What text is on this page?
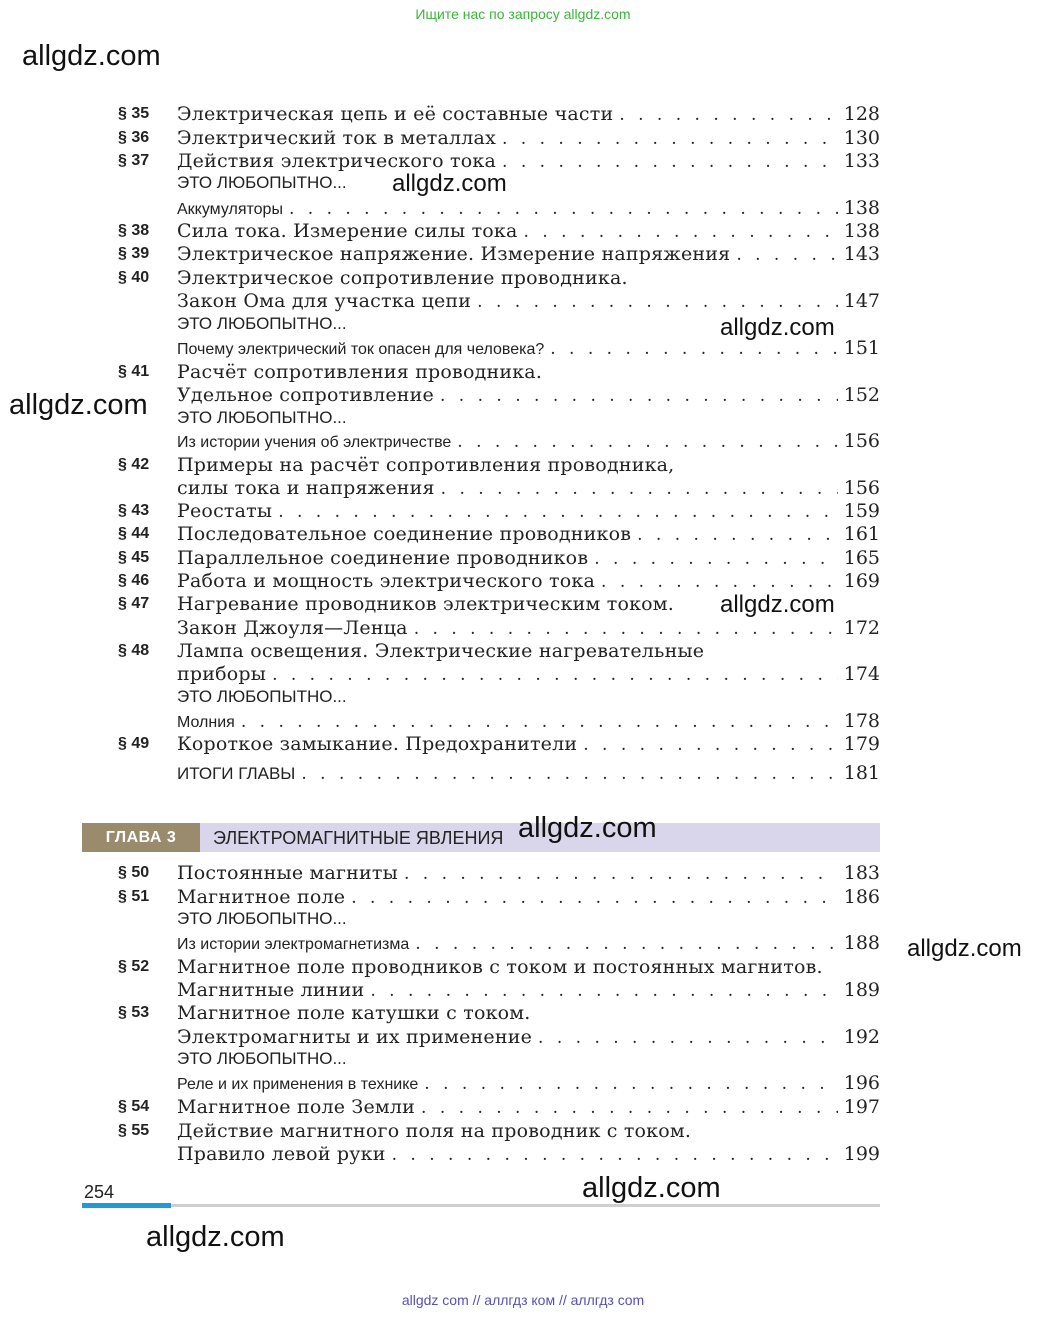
Ищите нас по запросу allgdz.com
allgdz.com
allgdz.com
allgdz.com
allgdz.com
allgdz.com
allgdz.com
allgdz.com
allgdz.com
ГЛАВА 3	ЭЛЕКТРОМАГНИТНЫЕ ЯВЛЕНИЯ allgdz.com
§ 35 Электрическая цепь и её составные части . . .	128
§ 36 Электрический ток в металлах . . .	130
§ 37 Действия электрического тока . . .	133
ЭТО ЛЮБОПЫТНО...
Аккумуляторы . . .	138
§ 38 Сила тока. Измерение силы тока . . .	138
§ 39 Электрическое напряжение. Измерение напряжения . . .	143
§ 40 Электрическое сопротивление проводника.
Закон Ома для участка цепи . . .	147
ЭТО ЛЮБОПЫТНО...
Почему электрический ток опасен для человека? . . .	151
§ 41 Расчёт сопротивления проводника.
Удельное сопротивление . . .	152
ЭТО ЛЮБОПЫТНО...
Из истории учения об электричестве . . .	156
§ 42 Примеры на расчёт сопротивления проводника,
силы тока и напряжения . . .	156
§ 43 Реостаты . . .	159
§ 44 Последовательное соединение проводников . . .	161
§ 45 Параллельное соединение проводников . . .	165
§ 46 Работа и мощность электрического тока . . .	169
§ 47 Нагревание проводников электрическим током.
Закон Джоуля—Ленца . . .	172
§ 48 Лампа освещения. Электрические нагревательные
приборы . . .	174
ЭТО ЛЮБОПЫТНО...
Молния . . .	178
§ 49 Короткое замыкание. Предохранители . . .	179
ИТОГИ ГЛАВЫ . . .	181
§ 50 Постоянные магниты . . .	183
§ 51 Магнитное поле . . .	186
ЭТО ЛЮБОПЫТНО...
Из истории электромагнетизма . . .	188
§ 52 Магнитное поле проводников с током и постоянных магнитов.
Магнитные линии . . .	189
§ 53 Магнитное поле катушки с током.
Электромагниты и их применение . . .	192
ЭТО ЛЮБОПЫТНО...
Реле и их применения в технике . . .	196
§ 54 Магнитное поле Земли . . .	197
§ 55 Действие магнитного поля на проводник с током.
Правило левой руки . . .	199
254
allgdz com // аллгдз ком // аллгдз com
